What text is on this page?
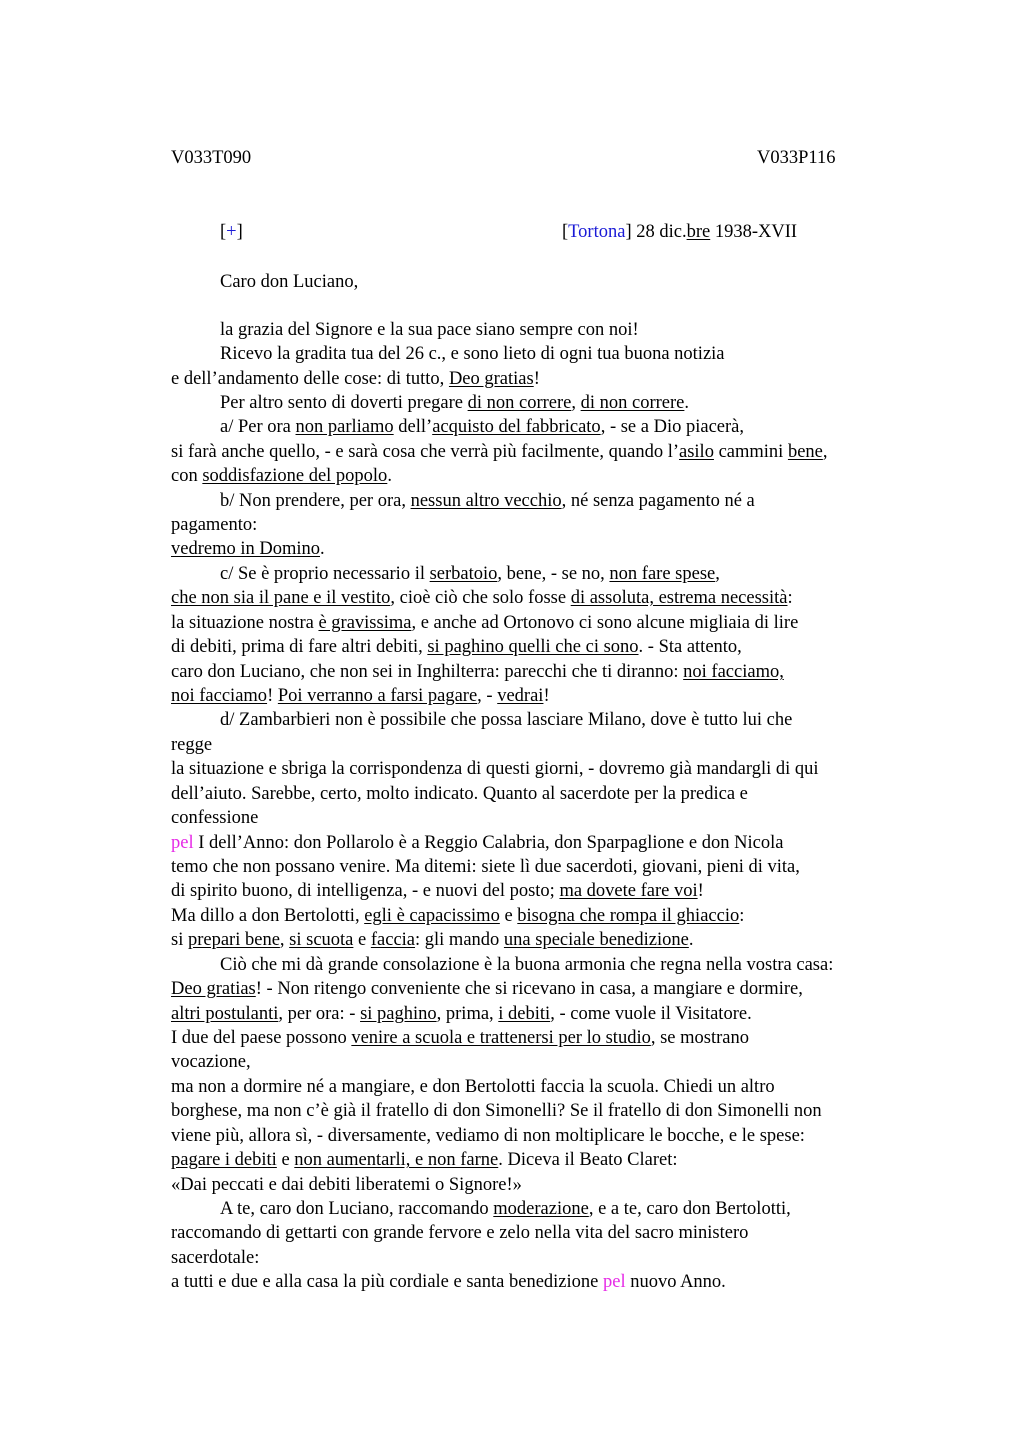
V033T090	V033P116
[+]	[Tortona] 28 dic.bre 1938-XVII
Caro don Luciano,
la grazia del Signore e la sua pace siano sempre con noi!
Ricevo la gradita tua del 26 c., e sono lieto di ogni tua buona notizia
e dell’andamento delle cose: di tutto, Deo gratias!
Per altro sento di doverti pregare di non correre, di non correre.
a/ Per ora non parliamo dell’acquisto del fabbricato, - se a Dio piacerà,
si farà anche quello, - e sarà cosa che verrà più facilmente, quando l’asilo cammini bene,
con soddisfazione del popolo.
b/ Non prendere, per ora, nessun altro vecchio, né senza pagamento né a
pagamento:
vedremo in Domino.
c/ Se è proprio necessario il serbatoio, bene, - se no, non fare spese,
che non sia il pane e il vestito, cioè ciò che solo fosse di assoluta, estrema necessità:
la situazione nostra è gravissima, e anche ad Ortonovo ci sono alcune migliaia di lire
di debiti, prima di fare altri debiti, si paghino quelli che ci sono. - Sta attento,
caro don Luciano, che non sei in Inghilterra: parecchi che ti diranno: noi facciamo,
noi facciamo! Poi verranno a farsi pagare, - vedrai!
d/ Zambarbieri non è possibile che possa lasciare Milano, dove è tutto lui che
regge
la situazione e sbriga la corrispondenza di questi giorni, - dovremo già mandargli di qui
dell’aiuto. Sarebbe, certo, molto indicato. Quanto al sacerdote per la predica e
confessione
pel I dell’Anno: don Pollarolo è a Reggio Calabria, don Sparpaglione e don Nicola
temo che non possano venire. Ma ditemi: siete lì due sacerdoti, giovani, pieni di vita,
di spirito buono, di intelligenza, - e nuovi del posto; ma dovete fare voi!
Ma dillo a don Bertolotti, egli è capacissimo e bisogna che rompa il ghiaccio:
si prepari bene, si scuota e faccia: gli mando una speciale benedizione.
Ciò che mi dà grande consolazione è la buona armonia che regna nella vostra casa:
Deo gratias! - Non ritengo conveniente che si ricevano in casa, a mangiare e dormire,
altri postulanti, per ora: - si paghino, prima, i debiti, - come vuole il Visitatore.
I due del paese possono venire a scuola e trattenersi per lo studio, se mostrano
vocazione,
ma non a dormire né a mangiare, e don Bertolotti faccia la scuola. Chiedi un altro
borghese, ma non c’è già il fratello di don Simonelli? Se il fratello di don Simonelli non
viene più, allora sì, - diversamente, vediamo di non moltiplicare le bocche, e le spese:
pagare i debiti e non aumentarli, e non farne. Diceva il Beato Claret:
«Dai peccati e dai debiti liberatemi o Signore!»
A te, caro don Luciano, raccomando moderazione, e a te, caro don Bertolotti,
raccomando di gettarti con grande fervore e zelo nella vita del sacro ministero
sacerdotale:
a tutti e due e alla casa la più cordiale e santa benedizione pel nuovo Anno.
